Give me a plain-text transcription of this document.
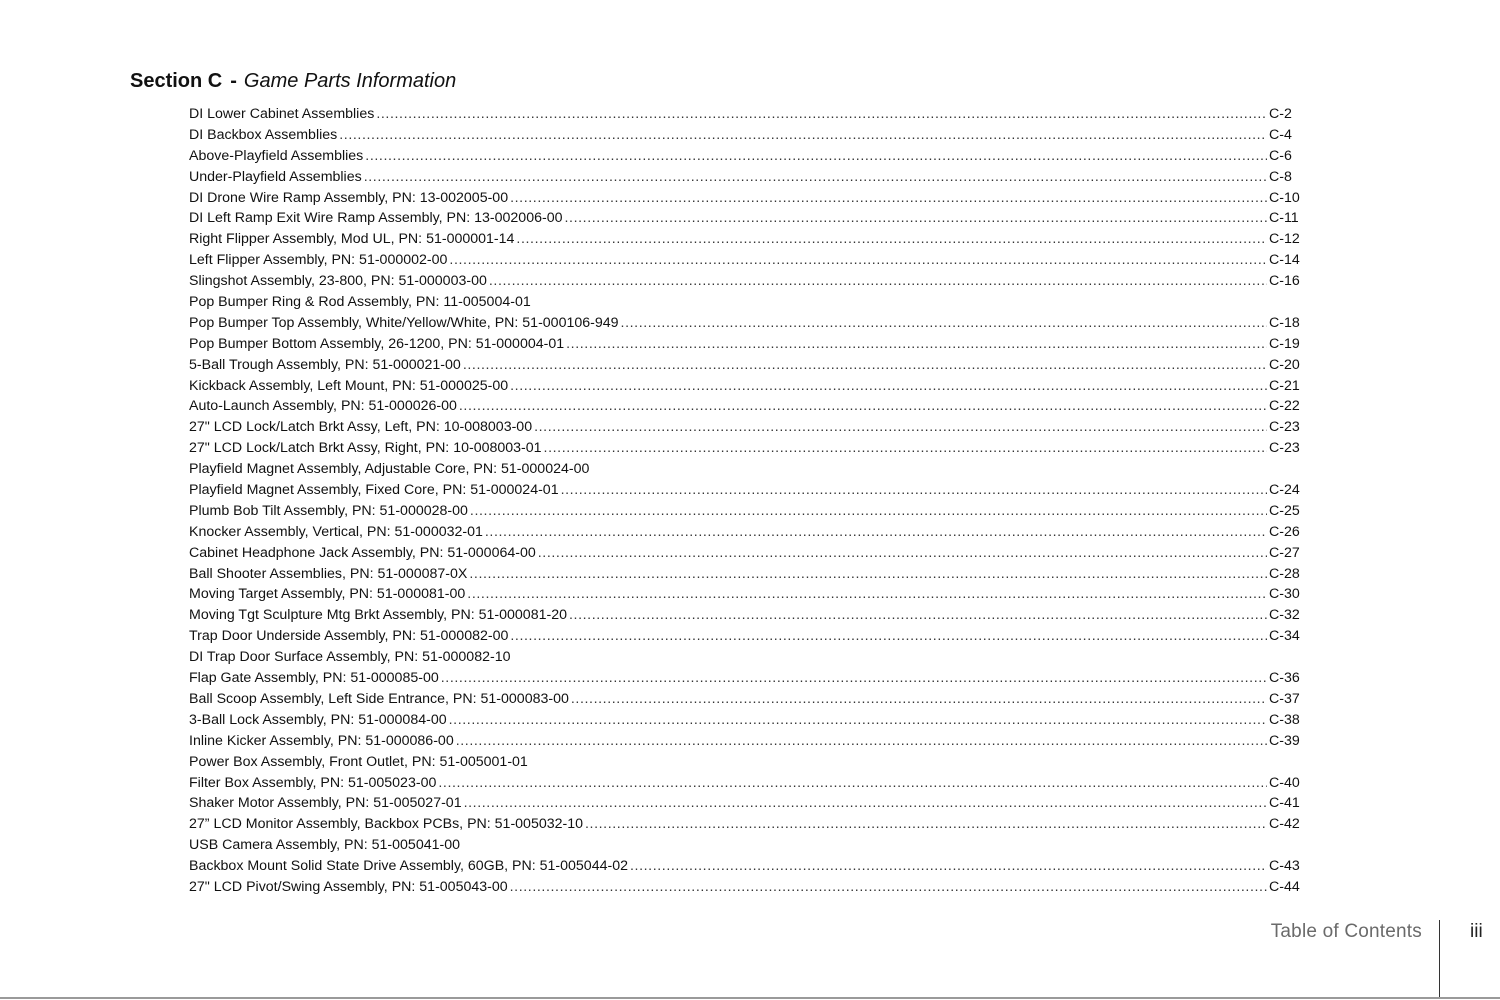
Section C - Game Parts Information
DI Lower Cabinet Assemblies .....	C-2
DI Backbox Assemblies .....	C-4
Above-Playfield Assemblies .....	C-6
Under-Playfield Assemblies .....	C-8
DI Drone Wire Ramp Assembly, PN: 13-002005-00 .....	C-10
DI Left Ramp Exit Wire Ramp Assembly, PN: 13-002006-00 .....	C-11
Right Flipper Assembly, Mod UL, PN: 51-000001-14 .....	C-12
Left Flipper Assembly, PN: 51-000002-00 .....	C-14
Slingshot Assembly, 23-800, PN: 51-000003-00 .....	C-16
Pop Bumper Ring & Rod Assembly, PN: 11-005004-01
Pop Bumper Top Assembly, White/Yellow/White, PN: 51-000106-949 .....	C-18
Pop Bumper Bottom Assembly, 26-1200, PN: 51-000004-01 .....	C-19
5-Ball Trough Assembly, PN: 51-000021-00 .....	C-20
Kickback Assembly, Left Mount, PN: 51-000025-00 .....	C-21
Auto-Launch Assembly, PN: 51-000026-00 .....	C-22
27" LCD Lock/Latch Brkt Assy, Left, PN: 10-008003-00 .....	C-23
27" LCD Lock/Latch Brkt Assy, Right, PN: 10-008003-01 .....	C-23
Playfield Magnet Assembly, Adjustable Core, PN: 51-000024-00
Playfield Magnet Assembly, Fixed Core, PN: 51-000024-01 .....	C-24
Plumb Bob Tilt Assembly, PN: 51-000028-00 .....	C-25
Knocker Assembly, Vertical, PN: 51-000032-01 .....	C-26
Cabinet Headphone Jack Assembly, PN: 51-000064-00 .....	C-27
Ball Shooter Assemblies, PN: 51-000087-0X .....	C-28
Moving Target Assembly, PN: 51-000081-00 .....	C-30
Moving Tgt Sculpture Mtg Brkt Assembly, PN: 51-000081-20 .....	C-32
Trap Door Underside Assembly, PN: 51-000082-00 .....	C-34
DI Trap Door Surface Assembly, PN: 51-000082-10
Flap Gate Assembly, PN: 51-000085-00 .....	C-36
Ball Scoop Assembly, Left Side Entrance, PN: 51-000083-00 .....	C-37
3-Ball Lock Assembly, PN: 51-000084-00 .....	C-38
Inline Kicker Assembly, PN: 51-000086-00 .....	C-39
Power Box Assembly, Front Outlet, PN: 51-005001-01
Filter Box Assembly, PN: 51-005023-00 .....	C-40
Shaker Motor Assembly, PN: 51-005027-01 .....	C-41
27” LCD Monitor Assembly, Backbox PCBs, PN: 51-005032-10 .....	C-42
USB Camera Assembly, PN: 51-005041-00
Backbox Mount Solid State Drive Assembly, 60GB, PN: 51-005044-02 .....	C-43
27" LCD Pivot/Swing Assembly, PN: 51-005043-00 .....	C-44
Table of Contents	iii
